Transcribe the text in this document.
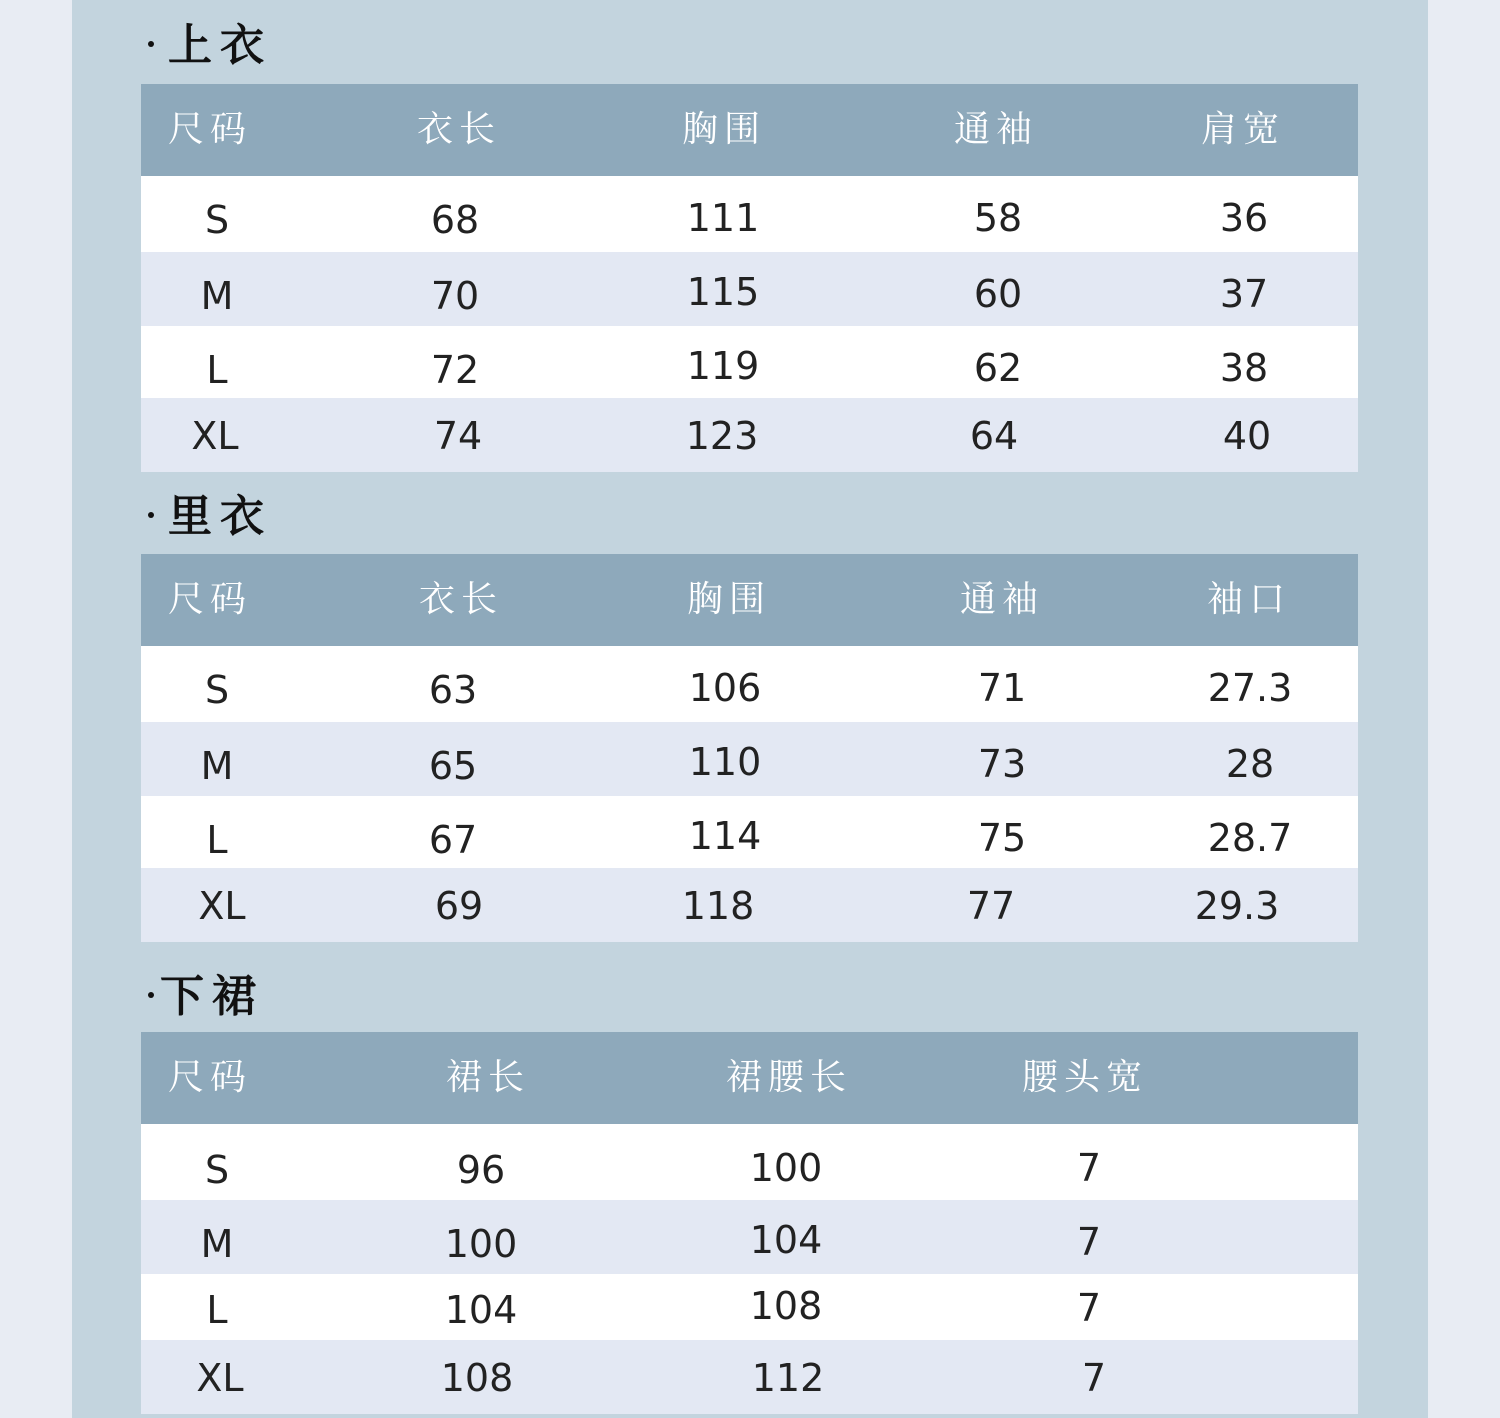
上衣
尺码	衣长	胸围	通袖	肩宽
S	68	111	58	36
M	70	115	60	37
L	72	119	62	38
XL	74	123	64	40
里衣
尺码	衣长	胸围	通袖	袖口
S	63	106	71	27.3
M	65	110	73	28
L	67	114	75	28.7
XL	69	118	77	29.3
下裙
尺码	裙长	裙腰长	腰头宽
S	96	100	7
M	100	104	7
L	104	108	7
XL	108	112	7
